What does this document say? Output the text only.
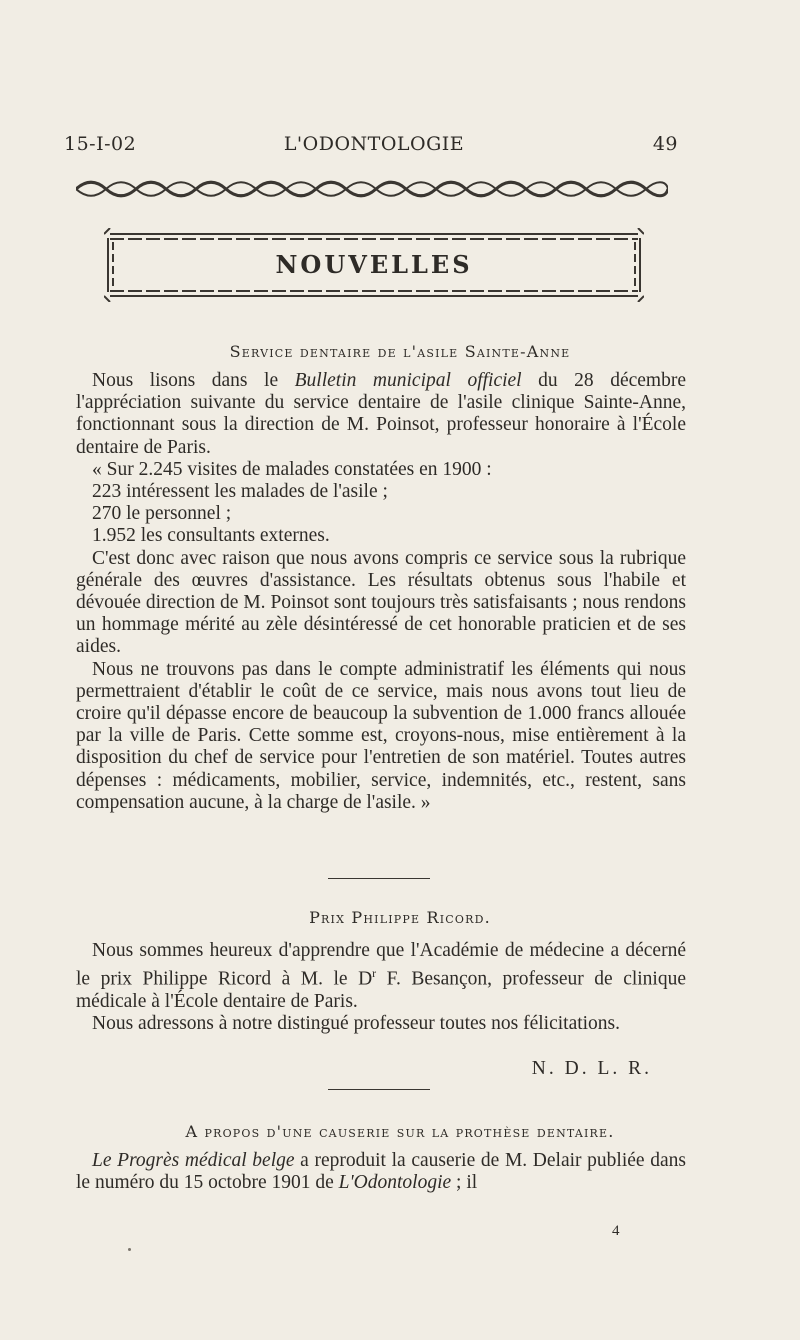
15-I-02	L'ODONTOLOGIE	49
NOUVELLES
Service dentaire de l'asile Sainte-Anne

Nous lisons dans le Bulletin municipal officiel du 28 décembre l'appréciation suivante du service dentaire de l'asile clinique Sainte-Anne, fonctionnant sous la direction de M. Poinsot, professeur honoraire à l'École dentaire de Paris.

« Sur 2.245 visites de malades constatées en 1900 :

223 intéressent les malades de l'asile ;

270 le personnel ;

1.952 les consultants externes.

C'est donc avec raison que nous avons compris ce service sous la rubrique générale des œuvres d'assistance. Les résultats obtenus sous l'habile et dévouée direction de M. Poinsot sont toujours très satisfaisants ; nous rendons un hommage mérité au zèle désintéressé de cet honorable praticien et de ses aides.

Nous ne trouvons pas dans le compte administratif les éléments qui nous permettraient d'établir le coût de ce service, mais nous avons tout lieu de croire qu'il dépasse encore de beaucoup la subvention de 1.000 francs allouée par la ville de Paris. Cette somme est, croyons-nous, mise entièrement à la disposition du chef de service pour l'entretien de son matériel. Toutes autres dépenses : médicaments, mobilier, service, indemnités, etc., restent, sans compensation aucune, à la charge de l'asile. »

Prix Philippe Ricord.

Nous sommes heureux d'apprendre que l'Académie de médecine a décerné le prix Philippe Ricord à M. le $D^r$ F. Besançon, professeur de clinique médicale à l'École dentaire de Paris.

Nous adressons à notre distingué professeur toutes nos félicitations.

N. D. L. R.
A propos d'une causerie sur la prothèse dentaire.

Le Progrès médical belge a reproduit la causerie de M. Delair publiée dans le numéro du 15 octobre 1901 de L'Odontologie ; il

4
